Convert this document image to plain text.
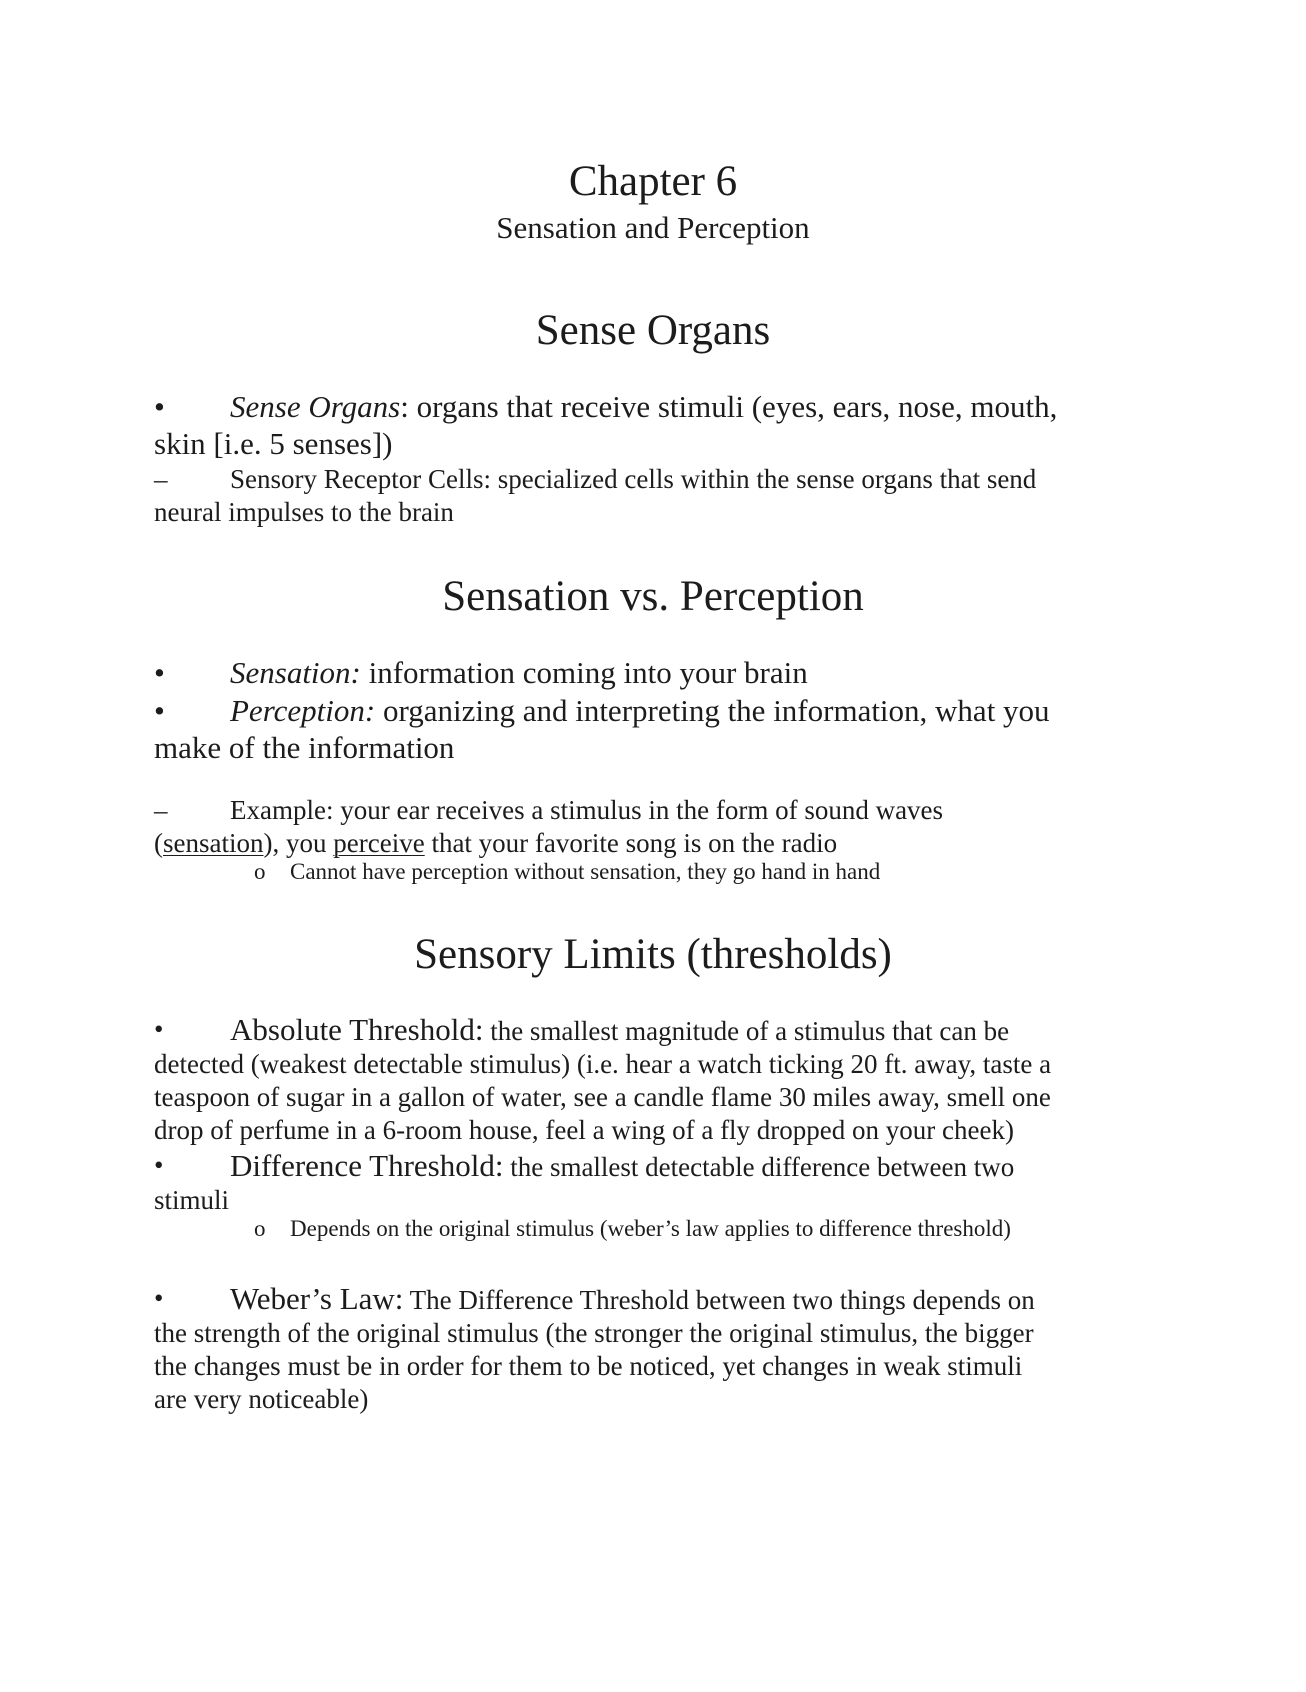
Chapter 6
Sensation and Perception
Sense Organs
• Sense Organs: organs that receive stimuli (eyes, ears, nose, mouth,
skin [i.e. 5 senses])
– Sensory Receptor Cells: specialized cells within the sense organs that send
neural impulses to the brain
Sensation vs. Perception
• Sensation: information coming into your brain
• Perception: organizing and interpreting the information, what you
make of the information
– Example: your ear receives a stimulus in the form of sound waves
(sensation), you perceive that your favorite song is on the radio
o Cannot have perception without sensation, they go hand in hand
Sensory Limits (thresholds)
• Absolute Threshold: the smallest magnitude of a stimulus that can be
detected (weakest detectable stimulus) (i.e. hear a watch ticking 20 ft. away, taste a
teaspoon of sugar in a gallon of water, see a candle flame 30 miles away, smell one
drop of perfume in a 6-room house, feel a wing of a fly dropped on your cheek)
• Difference Threshold: the smallest detectable difference between two
stimuli
o Depends on the original stimulus (weber’s law applies to difference threshold)
• Weber’s Law: The Difference Threshold between two things depends on
the strength of the original stimulus (the stronger the original stimulus, the bigger
the changes must be in order for them to be noticed, yet changes in weak stimuli
are very noticeable)
